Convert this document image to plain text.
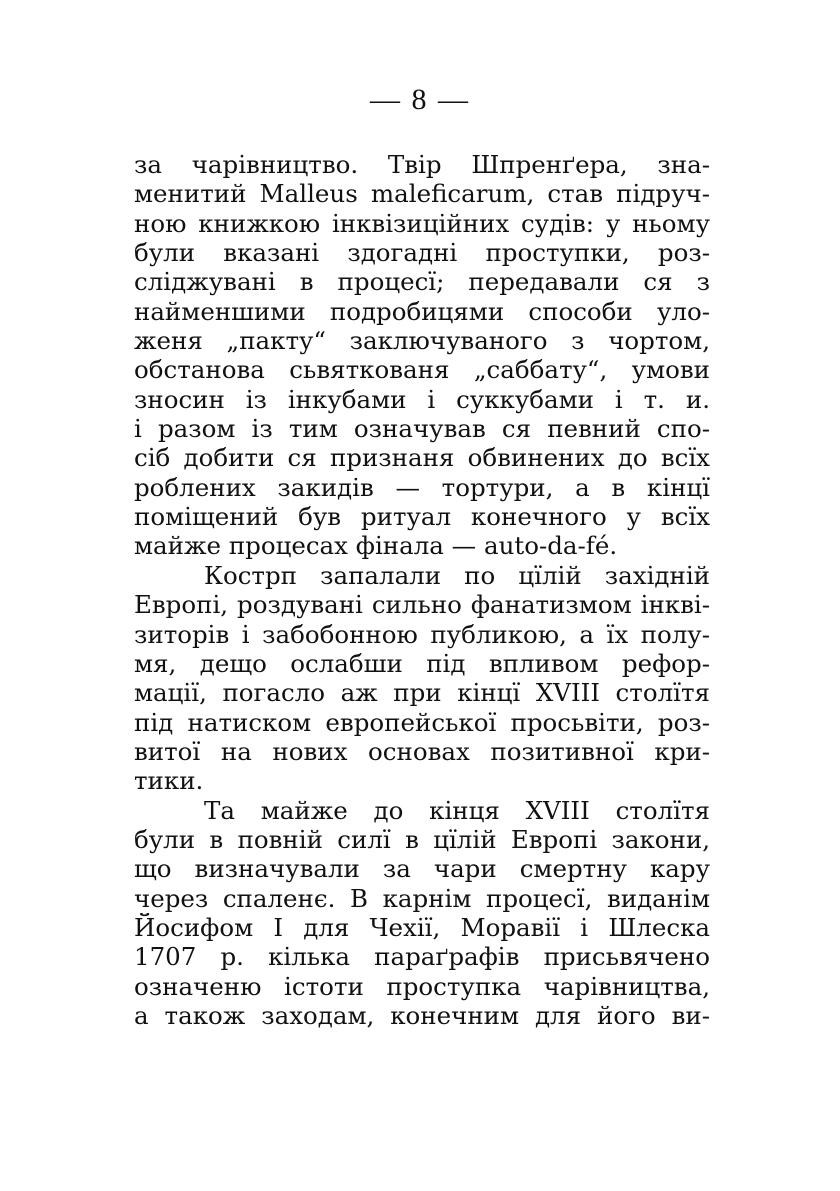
— 8 —
за чарівництво. Твір Шпренґера, зна-
менитий Malleus maleficarum, став підруч-
ною книжкою інквізиційних судів: у ньому
були вказані здогадні проступки, роз-
сліджувані в процесї; передавали ся з
найменшими подробицями способи уло-
женя „пакту“ заключуваного з чортом,
обстанова сьвяткованя „саббату“, умови
зносин із інкубами і суккубами і т. и.
і разом із тим означував ся певний спо-
сіб добити ся признаня обвинених до всїх
роблених закидів — тортури, а в кінцї
поміщений був ритуал конечного у всїх
майже процесах фінала — auto-da-fé.
Кострп запалали по цїлій західній
Европі, роздувані сильно фанатизмом інкві-
зиторів і забобонною публикою, а їх полу-
мя, дещо ослабши під впливом рефор-
мації, погасло аж при кінцї XVIII столїтя
під натиском европейської просьвіти, роз-
витої на нових основах позитивної кри-
тики.
Та майже до кінця XVIII столїтя
були в повній силї в цїлій Европі закони,
що визначували за чари смертну кару
через спаленє. В карнім процесї, виданім
Йосифом I для Чехії, Моравії і Шлеска
1707 р. кілька параґрафів присьвячено
означеню істоти проступка чарівництва,
а також заходам, конечним для його ви-
